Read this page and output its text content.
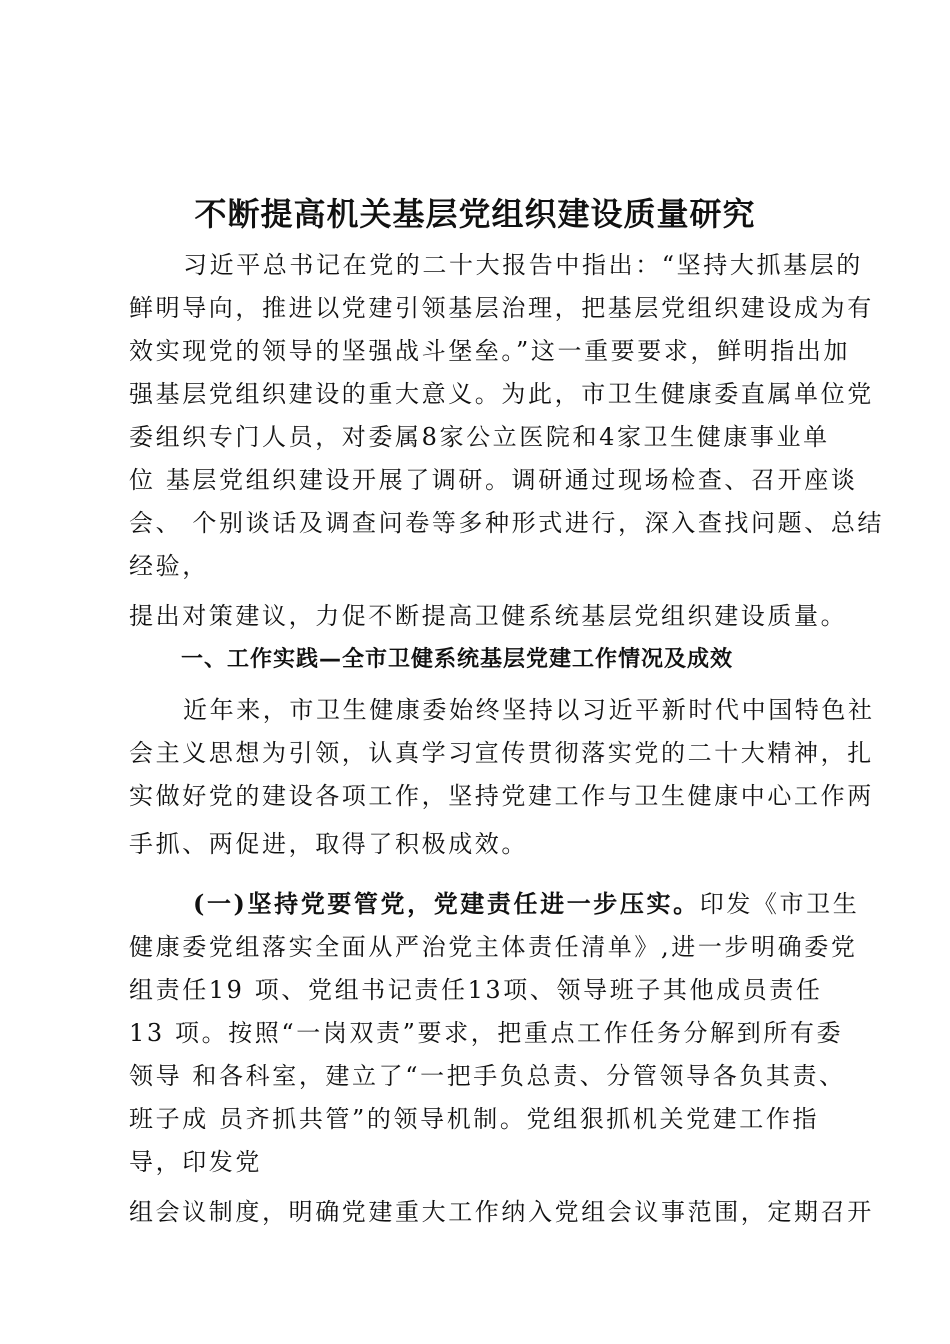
不断提高机关基层党组织建设质量研究
习近平总书记在党的二十大报告中指出：“坚持大抓基层的
鲜明导向，推进以党建引领基层治理，把基层党组织建设成为有
效实现党的领导的坚强战斗堡垒。”这一重要要求，鲜明指出加
强基层党组织建设的重大意义。为此，市卫生健康委直属单位党
委组织专门人员，对委属8家公立医院和4家卫生健康事业单
位 基层党组织建设开展了调研。调研通过现场检查、召开座谈
会、 个别谈话及调查问卷等多种形式进行，深入查找问题、总结
经验，
提出对策建议，力促不断提高卫健系统基层党组织建设质量。
一、工作实践—全市卫健系统基层党建工作情况及成效
近年来，市卫生健康委始终坚持以习近平新时代中国特色社
会主义思想为引领，认真学习宣传贯彻落实党的二十大精神，扎
实做好党的建设各项工作，坚持党建工作与卫生健康中心工作两
手抓、两促进，取得了积极成效。
(一)坚持党要管党，党建责任进一步压实。印发《市卫生
健康委党组落实全面从严治党主体责任清单》,进一步明确委党
组责任19 项、党组书记责任13项、领导班子其他成员责任
13 项。按照“一岗双责”要求，把重点工作任务分解到所有委
领导 和各科室，建立了“一把手负总责、分管领导各负其责、
班子成 员齐抓共管”的领导机制。党组狠抓机关党建工作指
导，印发党
组会议制度，明确党建重大工作纳入党组会议事范围，定期召开
